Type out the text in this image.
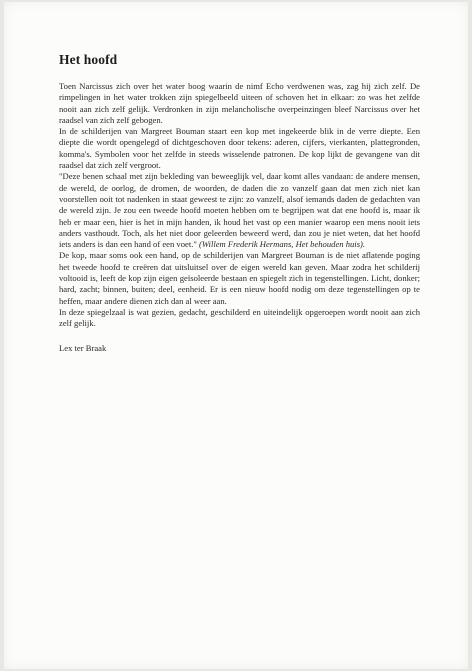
Het hoofd

Toen Narcissus zich over het water boog waarin de nimf Echo verdwenen was, zag hij zich zelf. De rimpelingen in het water trokken zijn spiegelbeeld uiteen of schoven het in elkaar: zo was het zelfde nooit aan zich zelf gelijk. Verdronken in zijn melancholische overpeinzingen bleef Narcissus over het raadsel van zich zelf gebogen.

In de schilderijen van Margreet Bouman staart een kop met ingekeerde blik in de verre diepte. Een diepte die wordt opengelegd of dichtgeschoven door tekens: aderen, cijfers, vierkanten, plattegronden, komma's. Symbolen voor het zelfde in steeds wisselende patronen. De kop lijkt de gevangene van dit raadsel dat zich zelf vergroot.

"Deze benen schaal met zijn bekleding van beweeglijk vel, daar komt alles vandaan: de andere mensen, de wereld, de oorlog, de dromen, de woorden, de daden die zo vanzelf gaan dat men zich niet kan voorstellen ooit tot nadenken in staat geweest te zijn: zo vanzelf, alsof iemands daden de gedachten van de wereld zijn. Je zou een tweede hoofd moeten hebben om te begrijpen wat dat ene hoofd is, maar ik heb er maar een, hier is het in mijn handen, ik houd het vast op een manier waarop een mens nooit iets anders vasthoudt. Toch, als het niet door geleerden beweerd werd, dan zou je niet weten, dat het hoofd iets anders is dan een hand of een voet." (Willem Frederik Hermans, Het behouden huis).

De kop, maar soms ook een hand, op de schilderijen van Margreet Bouman is de niet aflatende poging het tweede hoofd te creëren dat uitsluitsel over de eigen wereld kan geven. Maar zodra het schilderij voltooid is, leeft de kop zijn eigen geïsoleerde bestaan en spiegelt zich in tegenstellingen. Licht, donker; hard, zacht; binnen, buiten; deel, eenheid. Er is een nieuw hoofd nodig om deze tegenstellingen op te heffen, maar andere dienen zich dan al weer aan.

In deze spiegelzaal is wat gezien, gedacht, geschilderd en uiteindelijk opgeroepen wordt nooit aan zich zelf gelijk.

Lex ter Braak
